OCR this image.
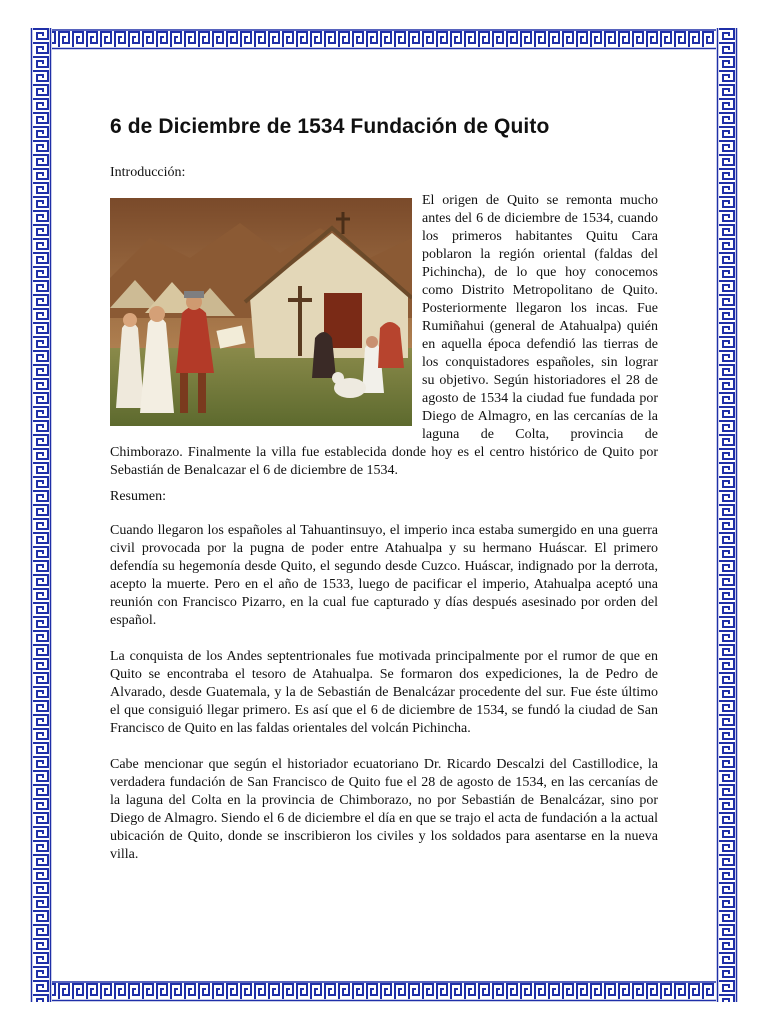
6 de Diciembre de 1534 Fundación de Quito
Introducción:
El origen de Quito se remonta mucho antes del 6 de diciembre de 1534, cuando los primeros habitantes Quitu Cara poblaron la región oriental (faldas del Pichincha), de lo que hoy conocemos como Distrito Metropolitano de Quito. Posteriormente llegaron los incas. Fue Rumiñahui (general de Atahualpa) quién en aquella época defendió las tierras de los conquistadores españoles, sin lograr su objetivo. Según historiadores el 28 de agosto de 1534 la ciudad fue fundada por Diego de Almagro, en las cercanías de la laguna de Colta, provincia de Chimborazo. Finalmente la villa fue establecida donde hoy es el centro histórico de Quito por Sebastián de Benalcazar el 6 de diciembre de 1534.
Resumen:
Cuando llegaron los españoles al Tahuantinsuyo, el imperio inca estaba sumergido en una guerra civil provocada por la pugna de poder entre Atahualpa y su hermano Huáscar. El primero defendía su hegemonía desde Quito, el segundo desde Cuzco. Huáscar, indignado por la derrota, acepto la muerte. Pero en el año de 1533, luego de pacificar el imperio, Atahualpa aceptó una reunión con Francisco Pizarro, en la cual fue capturado y días después asesinado por orden del español.
La conquista de los Andes septentrionales fue motivada principalmente por el rumor de que en Quito se encontraba el tesoro de Atahualpa. Se formaron dos expediciones, la de Pedro de Alvarado, desde Guatemala, y la de Sebastián de Benalcázar procedente del sur. Fue éste último el que consiguió llegar primero. Es así que el 6 de diciembre de 1534, se fundó la ciudad de San Francisco de Quito en las faldas orientales del volcán Pichincha.
Cabe mencionar que según el historiador ecuatoriano Dr. Ricardo Descalzi del Castillodice, la verdadera fundación de San Francisco de Quito fue el 28 de agosto de 1534, en las cercanías de la laguna del Colta en la provincia de Chimborazo, no por Sebastián de Benalcázar, sino por Diego de Almagro. Siendo el 6 de diciembre el día en que se trajo el acta de fundación a la actual ubicación de Quito, donde se inscribieron los civiles y los soldados para asentarse en la nueva villa.
